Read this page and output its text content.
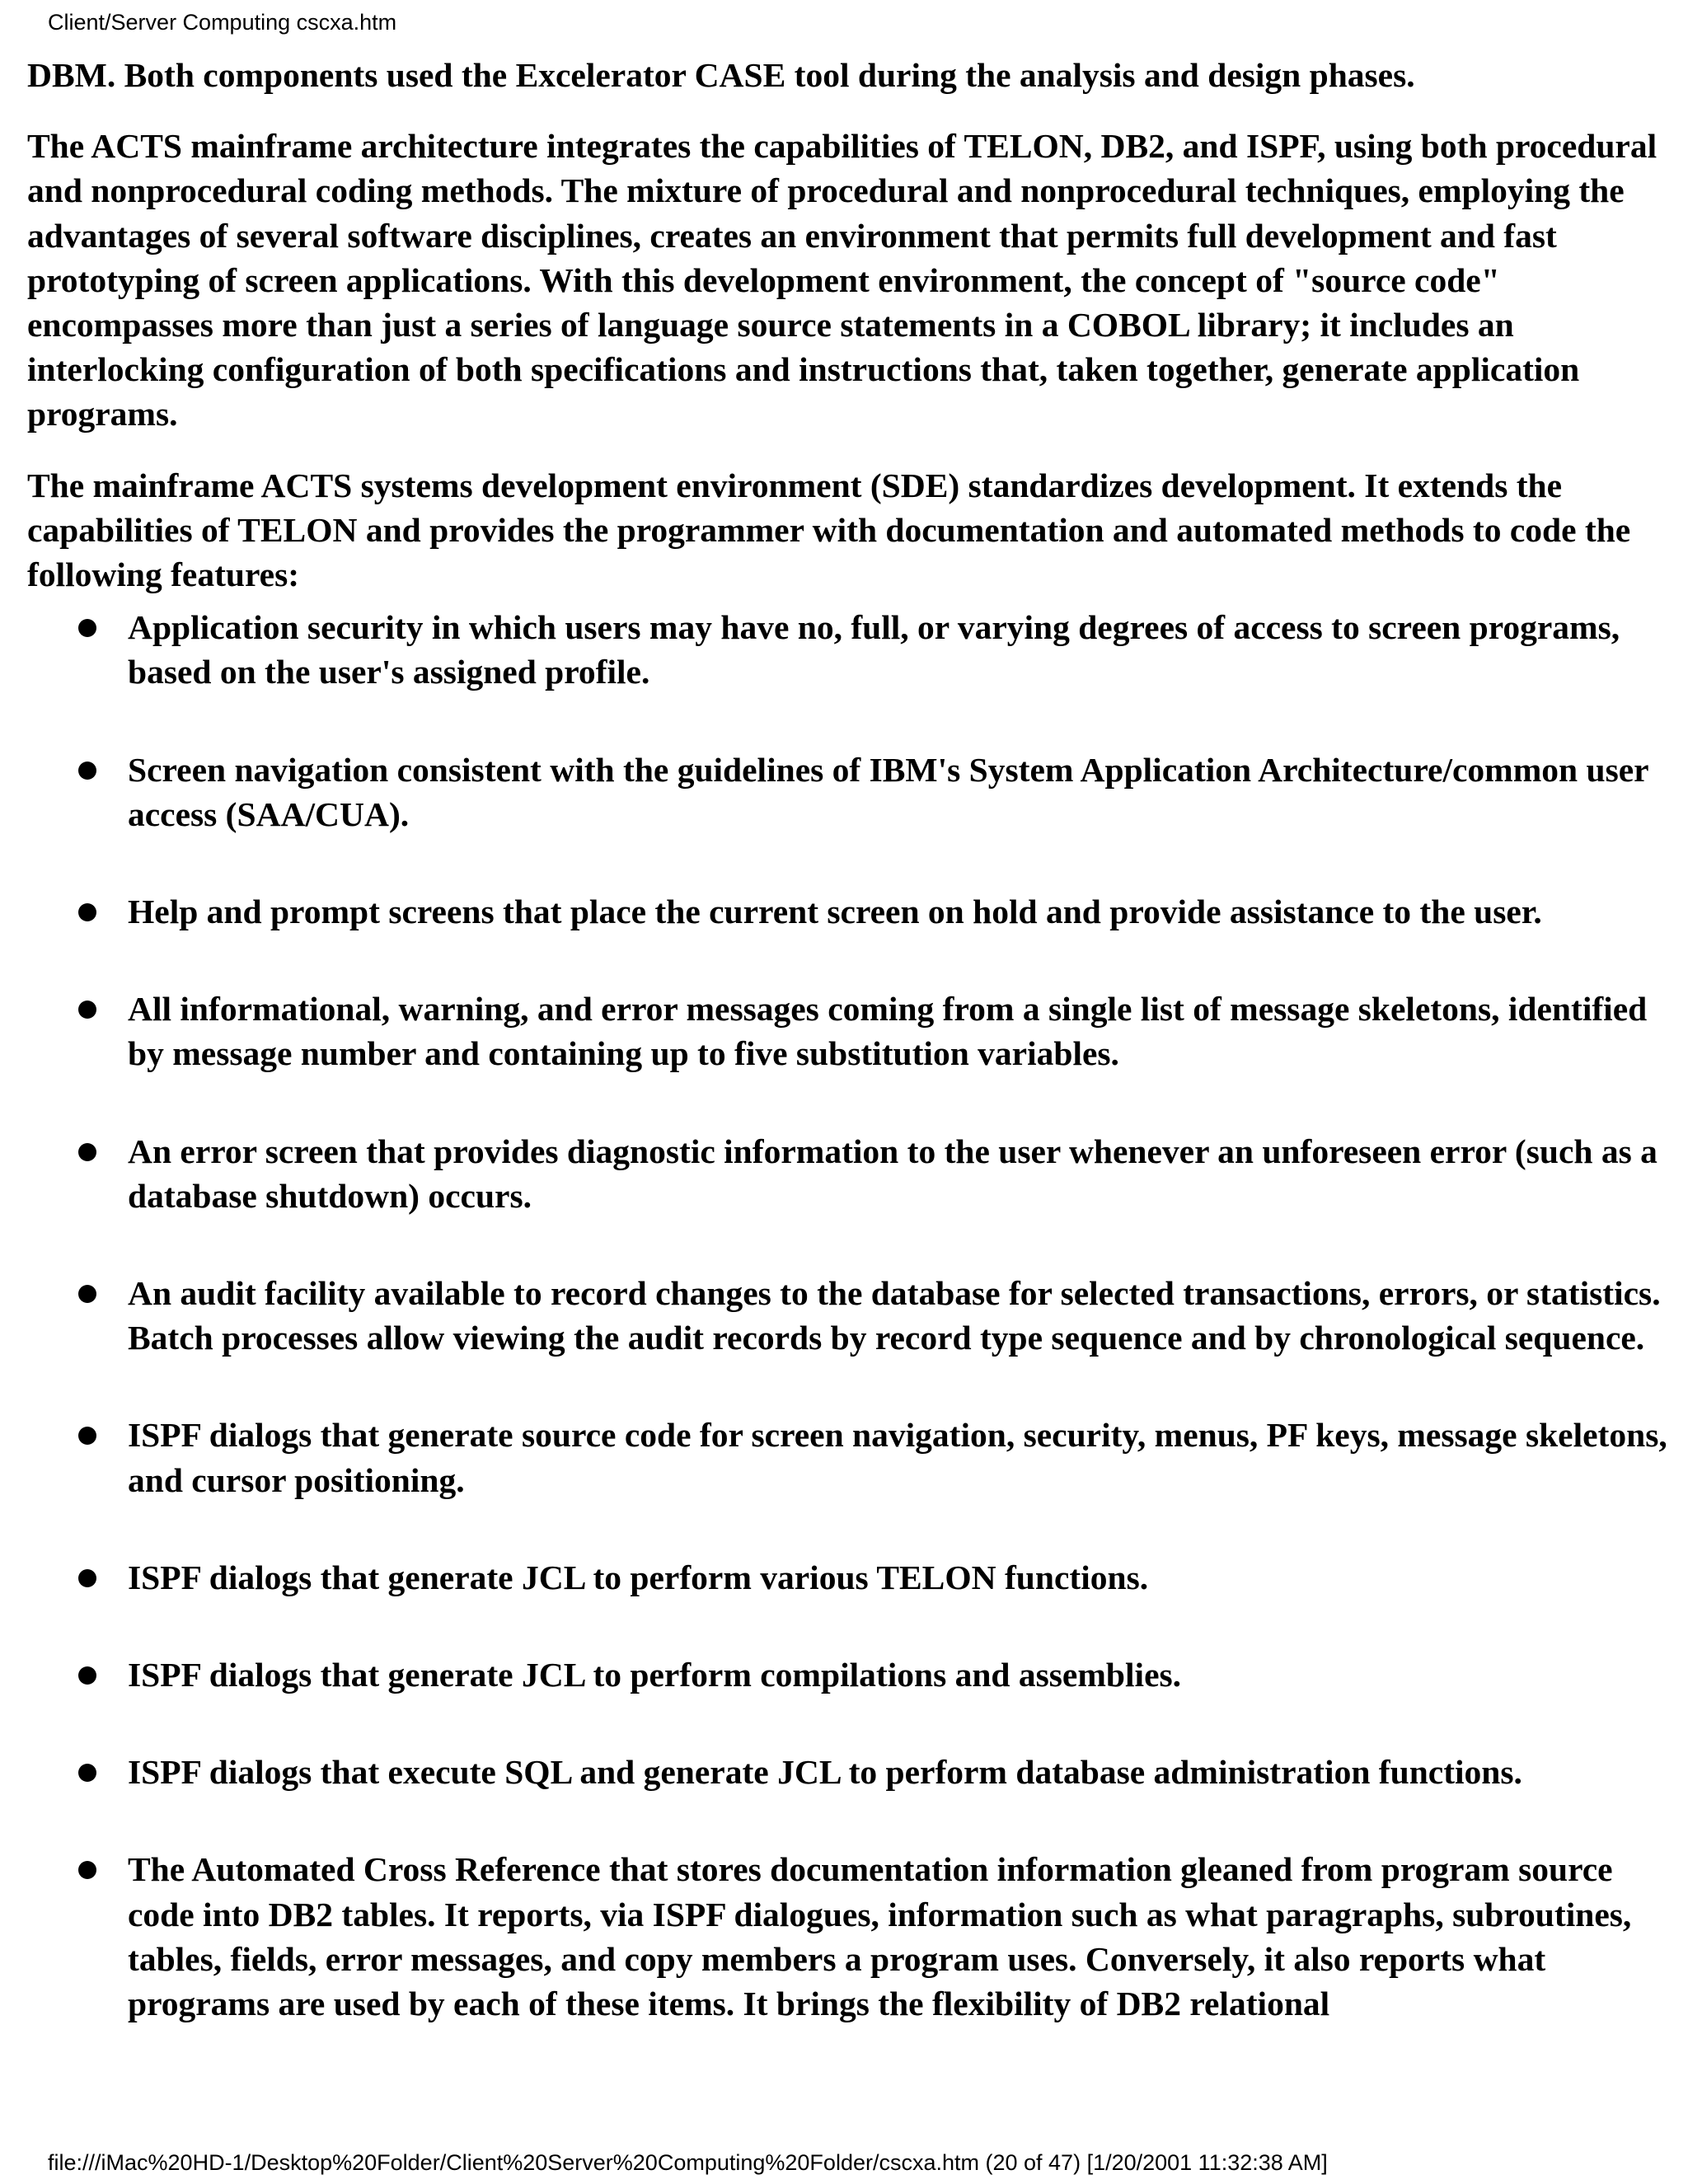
Client/Server Computing cscxa.htm

DBM. Both components used the Excelerator CASE tool during the analysis and design phases.

The ACTS mainframe architecture integrates the capabilities of TELON, DB2, and ISPF, using both procedural and nonprocedural coding methods. The mixture of procedural and nonprocedural techniques, employing the advantages of several software disciplines, creates an environment that permits full development and fast prototyping of screen applications. With this development environment, the concept of "source code" encompasses more than just a series of language source statements in a COBOL library; it includes an interlocking configuration of both specifications and instructions that, taken together, generate application programs.

The mainframe ACTS systems development environment (SDE) standardizes development. It extends the capabilities of TELON and provides the programmer with documentation and automated methods to code the following features:

Application security in which users may have no, full, or varying degrees of access to screen programs, based on the user's assigned profile.
Screen navigation consistent with the guidelines of IBM's System Application Architecture/common user access (SAA/CUA).
Help and prompt screens that place the current screen on hold and provide assistance to the user.
All informational, warning, and error messages coming from a single list of message skeletons, identified by message number and containing up to five substitution variables.
An error screen that provides diagnostic information to the user whenever an unforeseen error (such as a database shutdown) occurs.
An audit facility available to record changes to the database for selected transactions, errors, or statistics. Batch processes allow viewing the audit records by record type sequence and by chronological sequence.
ISPF dialogs that generate source code for screen navigation, security, menus, PF keys, message skeletons, and cursor positioning.
ISPF dialogs that generate JCL to perform various TELON functions.
ISPF dialogs that generate JCL to perform compilations and assemblies.
ISPF dialogs that execute SQL and generate JCL to perform database administration functions.
The Automated Cross Reference that stores documentation information gleaned from program source code into DB2 tables. It reports, via ISPF dialogues, information such as what paragraphs, subroutines, tables, fields, error messages, and copy members a program uses. Conversely, it also reports what programs are used by each of these items. It brings the flexibility of DB2 relational
file:///iMac%20HD-1/Desktop%20Folder/Client%20Server%20Computing%20Folder/cscxa.htm (20 of 47) [1/20/2001 11:32:38 AM]
